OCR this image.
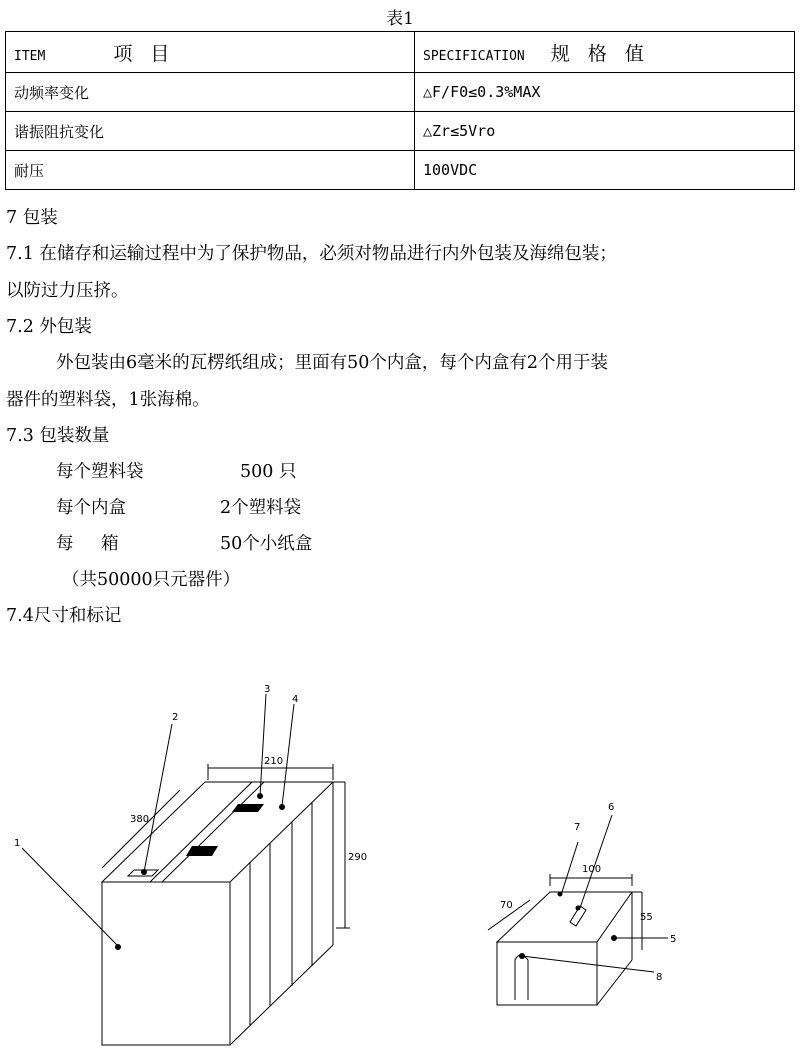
表1
ITEM 项 目	SPECIFICATION 规 格 值
动频率变化	△F/F0≤0.3%MAX
谐振阻抗变化	△Zr≤5Vro
耐压	100VDC
7 包装
7.1 在储存和运输过程中为了保护物品，必须对物品进行内外包装及海绵包装；
以防过力压挤。
7.2 外包装
外包装由6毫米的瓦楞纸组成；里面有50个内盒，每个内盒有2个用于装
器件的塑料袋，1张海棉。
7.3 包装数量
每个塑料袋	500 只
每个内盒	2个塑料袋
每 箱	50个小纸盒
（共50000只元器件）
7.4尺寸和标记
1
2
3
4
5
6
7
8
380
210
290
100
70
55
